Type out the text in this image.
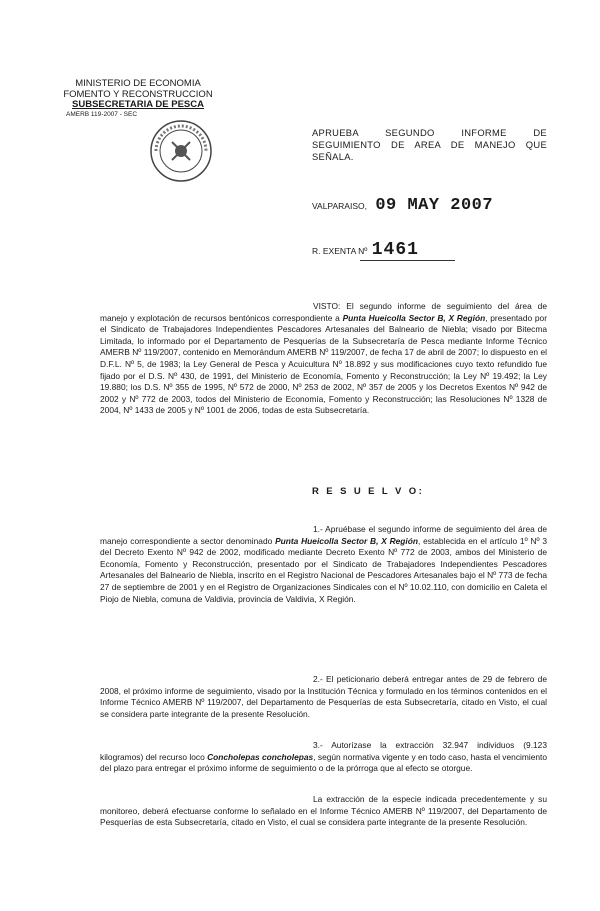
MINISTERIO DE ECONOMIA
FOMENTO Y RECONSTRUCCION
SUBSECRETARIA DE PESCA
AMERB 119-2007 - SEC
APRUEBA SEGUNDO INFORME DE
SEGUIMIENTO DE AREA DE MANEJO QUE
SEÑALA.
VALPARAISO, 09 MAY 2007
R. EXENTA Nº 1461
VISTO: El segundo informe de seguimiento del área de manejo y explotación de recursos bentónicos correspondiente a Punta Hueicolla Sector B, X Región, presentado por el Sindicato de Trabajadores Independientes Pescadores Artesanales del Balneario de Niebla; visado por Bitecma Limitada, lo informado por el Departamento de Pesquerías de la Subsecretaría de Pesca mediante Informe Técnico AMERB Nº 119/2007, contenido en Memorándum AMERB Nº 119/2007, de fecha 17 de abril de 2007; lo dispuesto en el D.F.L. Nº 5, de 1983; la Ley General de Pesca y Acuicultura Nº 18.892 y sus modificaciones cuyo texto refundido fue fijado por el D.S. Nº 430, de 1991, del Ministerio de Economía, Fomento y Reconstrucción; la Ley Nº 19.492; la Ley 19.880; los D.S. Nº 355 de 1995, Nº 572 de 2000, Nº 253 de 2002, Nº 357 de 2005 y los Decretos Exentos Nº 942 de 2002 y Nº 772 de 2003, todos del Ministerio de Economía, Fomento y Reconstrucción; las Resoluciones Nº 1328 de 2004, Nº 1433 de 2005 y Nº 1001 de 2006, todas de esta Subsecretaría.
R E S U E L V O:
1.- Apruébase el segundo informe de seguimiento del área de manejo correspondiente a sector denominado Punta Hueicolla Sector B, X Región, establecida en el artículo 1º Nº 3 del Decreto Exento Nº 942 de 2002, modificado mediante Decreto Exento Nº 772 de 2003, ambos del Ministerio de Economía, Fomento y Reconstrucción, presentado por el Sindicato de Trabajadores Independientes Pescadores Artesanales del Balneario de Niebla, inscrito en el Registro Nacional de Pescadores Artesanales bajo el Nº 773 de fecha 27 de septiembre de 2001 y en el Registro de Organizaciones Sindicales con el Nº 10.02.110, con domicilio en Caleta el Piojo de Niebla, comuna de Valdivia, provincia de Valdivia, X Región.
2.- El peticionario deberá entregar antes de 29 de febrero de 2008, el próximo informe de seguimiento, visado por la Institución Técnica y formulado en los términos contenidos en el Informe Técnico AMERB Nº 119/2007, del Departamento de Pesquerías de esta Subsecretaría, citado en Visto, el cual se considera parte integrante de la presente Resolución.
3.- Autorízase la extracción 32.947 individuos (9.123 kilogramos) del recurso loco Concholepas concholepas, según normativa vigente y en todo caso, hasta el vencimiento del plazo para entregar el próximo informe de seguimiento o de la prórroga que al efecto se otorgue.
La extracción de la especie indicada precedentemente y su monitoreo, deberá efectuarse conforme lo señalado en el Informe Técnico AMERB Nº 119/2007, del Departamento de Pesquerías de esta Subsecretaría, citado en Visto, el cual se considera parte integrante de la presente Resolución.
